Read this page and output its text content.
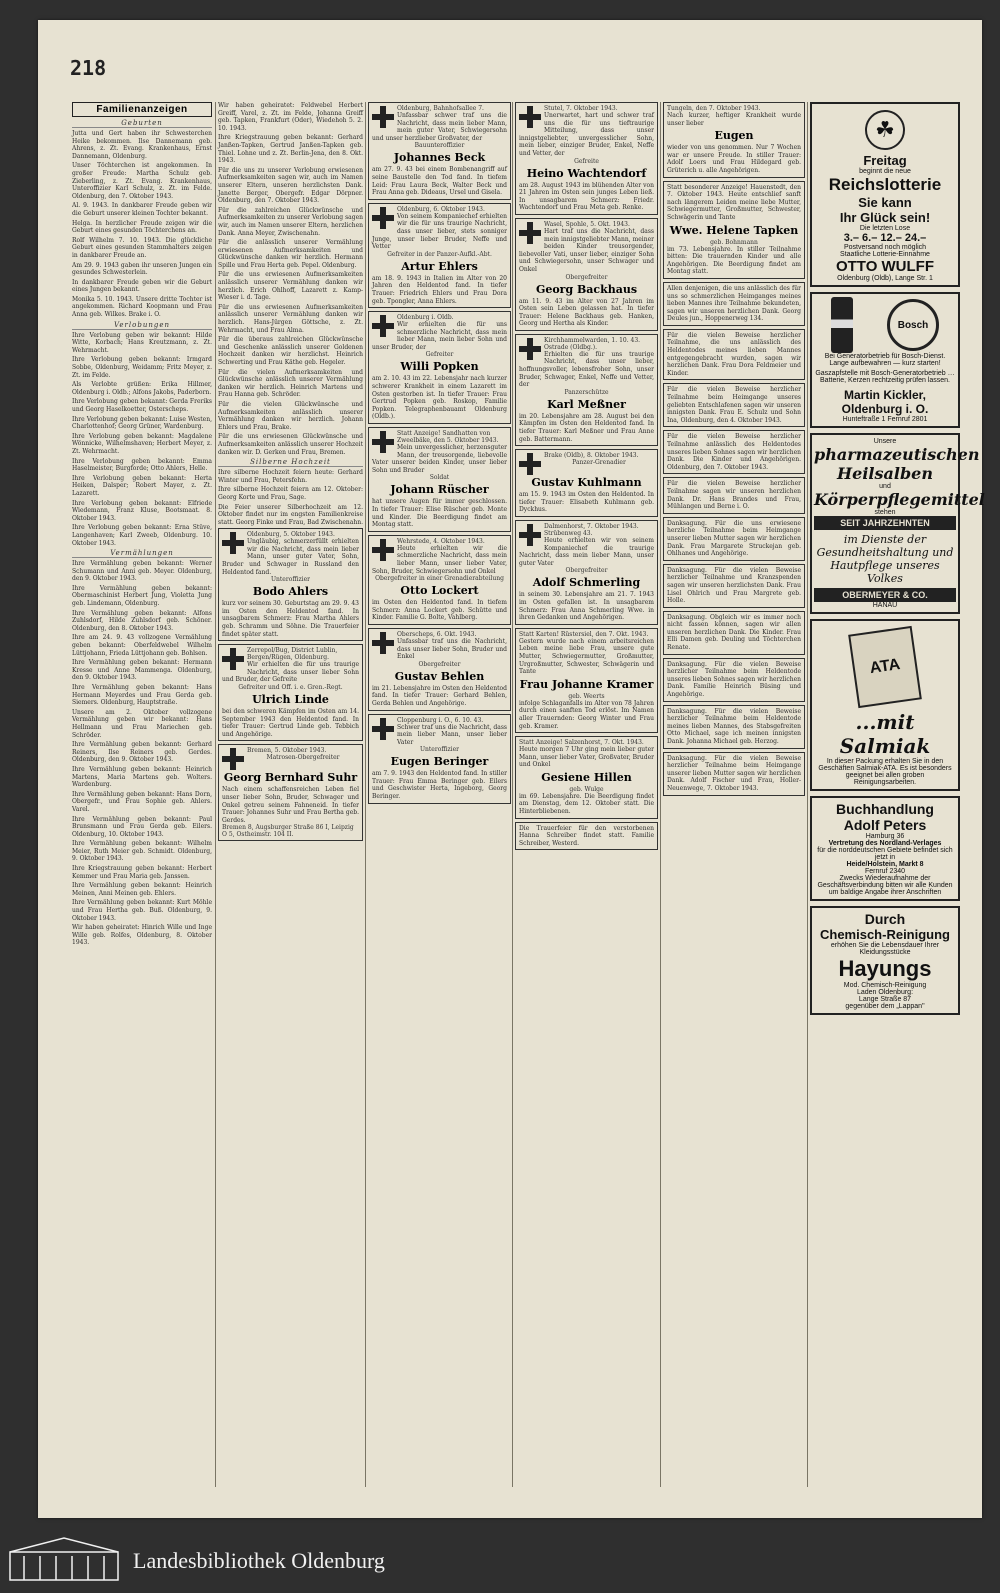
218
Familienanzeigen
Geburten
Jutta und Gert haben ihr Schwesterchen Heike bekommen. Ilse Dannemann geb. Ahrens, z. Zt. Evang. Krankenhaus, Ernst Dannemann, Oldenburg.
Unser Töchterchen ist angekommen. In großer Freude: Martha Schulz geb. Zieberling, z. Zt. Evang. Krankenhaus, Unteroffizier Karl Schulz, z. Zt. im Felde. Oldenburg, den 7. Oktober 1943.
Al. 9. 1943. In dankbarer Freude geben wir die Geburt unserer kleinen Tochter bekannt.
Helga. In herzlicher Freude zeigen wir die Geburt eines gesunden Töchterchens an.
Rolf Wilhelm 7. 10. 1943. Die glückliche Geburt eines gesunden Stammhalters zeigen in dankbarer Freude an.
Am 29. 9. 1943 gaben ihr unseren Jungen ein gesundes Schwesterlein.
In dankbarer Freude geben wir die Geburt eines Jungen bekannt.
Monika 5. 10. 1943. Unsere dritte Tochter ist angekommen. Richard Koopmann und Frau Anna geb. Wilkes. Brake i. O.
Verlobungen
Ihre Verlobung geben wir bekannt: Hilde Witte, Korbach; Hans Kreutzmann, z. Zt. Wehrmacht.
Ihre Verlobung geben bekannt: Irmgard Sobbe, Oldenburg, Weidamm; Fritz Meyer, z. Zt. im Felde.
Als Verlobte grüßen: Erika Hillmer, Oldenburg i. Oldb.; Alfons Jakobs, Paderborn.
Ihre Verlobung geben bekannt: Gerda Freriks und Georg Haselkoetter, Osterscheps.
Ihre Verlobung geben bekannt: Luise Westen, Charlottenhof; Georg Grüner, Wardenburg.
Ihre Verlobung geben bekannt: Magdalene Wönnicke, Wilhelmshaven; Herbert Meyer, z. Zt. Wehrmacht.
Ihre Verlobung geben bekannt: Emma Haselmeister, Burgforde; Otto Ahlers, Helle.
Ihre Verlobung geben bekannt: Herta Heiken, Dalsper; Robert Mayer, z. Zt. Lazarett.
Ihre Verlobung geben bekannt: Elfriede Wiedemann, Franz Kluse, Bootsmaat. 8. Oktober 1943.
Ihre Verlobung geben bekannt: Erna Stüve, Langenhaven; Karl Zweeb, Oldenburg. 10. Oktober 1943.
Vermählungen
Ihre Vermählung geben bekannt: Werner Schumann und Anni geb. Meyer. Oldenburg, den 9. Oktober 1943.
Ihre Vermählung geben bekannt: Obermaschinist Herbert Jung, Violetta Jung geb. Lindemann, Oldenburg.
Ihre Vermählung geben bekannt: Alfons Zuhlsdorf, Hilde Zuhlsdorf geb. Schöner. Oldenburg, den 8. Oktober 1943.
Ihre am 24. 9. 43 vollzogene Vermählung geben bekannt: Oberfeldwebel Wilhelm Lüttjohann, Frieda Lüttjohann geb. Bohlsen.
Ihre Vermählung geben bekannt: Hermann Kresse und Anne Mammenga. Oldenburg, den 9. Oktober 1943.
Ihre Vermählung geben bekannt: Hans Hermann Meyerdes und Frau Gerda geb. Siemers. Oldenburg, Hauptstraße.
Unsere am 2. Oktober vollzogene Vermählung geben wir bekannt: Hans Hellmann und Frau Mariechen geb. Schröder.
Ihre Vermählung geben bekannt: Gerhard Reiners, Ilse Reiners geb. Gerdes. Oldenburg, den 9. Oktober 1943.
Ihre Vermählung geben bekannt: Heinrich Martens, Maria Martens geb. Wolters. Wardenburg.
Ihre Vermählung geben bekannt: Hans Dorn, Obergefr., und Frau Sophie geb. Ahlers. Varel.
Ihre Vermählung geben bekannt: Paul Brunsmann und Frau Gerda geb. Eilers. Oldenburg, 10. Oktober 1943.
Ihre Vermählung geben bekannt: Wilhelm Meier, Ruth Meier geb. Schmidt. Oldenburg, 9. Oktober 1943.
Ihre Kriegstrauung geben bekannt: Herbert Kemmer und Frau Maria geb. Janssen.
Ihre Vermählung geben bekannt: Heinrich Meinen, Anni Meinen geb. Ehlers.
Ihre Vermählung geben bekannt: Kurt Möhle und Frau Hertha geb. Buß. Oldenburg, 9. Oktober 1943.
Wir haben geheiratet: Hinrich Wille und Inge Wille geb. Rolfes, Oldenburg, 8. Oktober 1943.
Wir haben geheiratet: Feldwebel Herbert Greiff, Varel, z. Zt. im Felde, Johanna Greiff geb. Tapken, Frankfurt (Oder), Wiedehoh 5. 2. 10. 1943.
Ihre Kriegstrauung geben bekannt: Gerhard Janßen-Tapken, Gertrud Janßen-Tapken geb. Thiel. Lohne und z. Zt. Berlin-Jena, den 8. Okt. 1943.
Für die uns zu unserer Verlobung erwiesenen Aufmerksamkeiten sagen wir, auch im Namen unserer Eltern, unseren herzlichsten Dank. Janette Berger, Obergefr. Edgar Dörpner. Oldenburg, den 7. Oktober 1943.
Für die zahlreichen Glückwünsche und Aufmerksamkeiten zu unserer Verlobung sagen wir, auch im Namen unserer Eltern, herzlichen Dank. Anna Meyer, Zwischenahn.
Für die anlässlich unserer Vermählung erwiesenen Aufmerksamkeiten und Glückwünsche danken wir herzlich. Hermann Spille und Frau Herta geb. Pepel. Oldenburg.
Für die uns erwiesenen Aufmerksamkeiten anlässlich unserer Vermählung danken wir herzlich. Erich Ohlhoff, Lazarett z. Kamp-Wieser i. d. Tage.
Für die uns erwiesenen Aufmerksamkeiten anlässlich unserer Vermählung danken wir herzlich. Hans-Jürgen Göttsche, z. Zt. Wehrmacht, und Frau Alma.
Für die überaus zahlreichen Glückwünsche und Geschenke anlässlich unserer Goldenen Hochzeit danken wir herzlichst. Heinrich Schwerting und Frau Käthe geb. Hegeler.
Für die vielen Aufmerksamkeiten und Glückwünsche anlässlich unserer Vermählung danken wir herzlich. Heinrich Martens und Frau Hanna geb. Schröder.
Für die vielen Glückwünsche und Aufmerksamkeiten anlässlich unserer Vermählung danken wir herzlich. Johann Ehlers und Frau, Brake.
Für die uns erwiesenen Glückwünsche und Aufmerksamkeiten anlässlich unserer Hochzeit danken wir. D. Gerken und Frau, Bremen.
Silberne Hochzeit
Ihre silberne Hochzeit feiern heute: Gerhard Winter und Frau, Petersfehn.
Ihre silberne Hochzeit feiern am 12. Oktober: Georg Korte und Frau, Sage.
Die Feier unserer Silberhochzeit am 12. Oktober findet nur im engsten Familienkreise statt. Georg Finke und Frau, Bad Zwischenahn.
Oldenburg, 5. Oktober 1943.
Ungläubig, schmerzerfüllt erhielten wir die Nachricht, dass mein lieber Mann, unser guter Vater, Sohn, Bruder und Schwager in Russland den Heldentod fand.
Unteroffizier
Bodo Ahlers
kurz vor seinem 30. Geburtstag am 29. 9. 43 im Osten den Heldentod fand. In unsagbarem Schmerz: Frau Martha Ahlers geb. Schramm und Söhne. Die Trauerfeier findet später statt.
Zerrepol/Bug, District Lublin, Bergen/Rügen, Oldenburg.
Wir erhielten die für uns traurige Nachricht, dass unser lieber Sohn und Bruder, der Gefreite
Gefreiter und Off. i. e. Gren.-Regt.
Ulrich Linde
bei den schweren Kämpfen im Osten am 14. September 1943 den Heldentod fand. In tiefer Trauer: Gertrud Linde geb. Tebbich und Angehörige.
Bremen, 5. Oktober 1943.
Matrosen-Obergefreiter
Georg Bernhard Suhr
Nach einem schaffensreichen Leben fiel unser lieber Sohn, Bruder, Schwager und Onkel getreu seinem Fahneneid. In tiefer Trauer: Johannes Suhr und Frau Bertha geb. Gerdes.
Bremen 8, Augsburger Straße 86 I, Leipzig O 5, Ostheimstr. 104 II.
Oldenburg, Bahnhofsallee 7.
Unfassbar schwer traf uns die Nachricht, dass mein lieber Mann, mein guter Vater, Schwiegersohn und unser herzlieber Großvater, der
Bauunteroffizier
Johannes Beck
am 27. 9. 43 bei einem Bombenangriff auf seine Baustelle den Tod fand. In tiefem Leid: Frau Laura Beck, Walter Beck und Frau Anna geb. Dideaus, Ursel und Gisela.
Oldenburg, 6. Oktober 1943.
Von seinem Kompaniechef erhielten wir die für uns traurige Nachricht, dass unser lieber, stets sonniger Junge, unser lieber Bruder, Neffe und Vetter
Gefreiter in der Panzer-Aufkl.-Abt.
Artur Ehlers
am 18. 9. 1943 in Italien im Alter von 20 Jahren den Heldentod fand. In tiefer Trauer: Friedrich Ehlers und Frau Dora geb. Tpongler, Anna Ehlers.
Oldenburg i. Oldb.
Wir erhielten die für uns schmerzliche Nachricht, dass mein lieber Mann, mein lieber Sohn und unser Bruder, der
Gefreiter
Willi Popken
am 2. 10. 43 im 22. Lebensjahr nach kurzer schwerer Krankheit in einem Lazarett im Osten gestorben ist. In tiefer Trauer: Frau Gertrud Popken geb. Roskop, Familie Popken. Telegraphenbauamt Oldenburg (Oldb.).
Statt Anzeige! Sandhatten von Zweelbäke, den 5. Oktober 1943.
Mein unvergesslicher, herzensguter Mann, der treusorgende, liebevolle Vater unserer beiden Kinder, unser lieber Sohn und Bruder
Soldat
Johann Rüscher
hat unsere Augen für immer geschlossen. In tiefer Trauer: Elise Rüscher geb. Monte und Kinder. Die Beerdigung findet am Montag statt.
Wehrstede, 4. Oktober 1943.
Heute erhielten wir die schmerzliche Nachricht, dass mein lieber Mann, unser lieber Vater, Sohn, Bruder, Schwiegersohn und Onkel
Obergefreiter in einer Grenadierabteilung
Otto Lockert
im Osten den Heldentod fand. In tiefem Schmerz: Anna Lockert geb. Schütte und Kinder. Familie G. Bolte, Vahlberg.
Oberscheps, 6. Okt. 1943.
Unfassbar traf uns die Nachricht, dass unser lieber Sohn, Bruder und Enkel
Obergefreiter
Gustav Behlen
im 21. Lebensjahre im Osten den Heldentod fand. In tiefer Trauer: Gerhard Behlen, Gerda Behlen und Angehörige.
Cloppenburg i. O., 6. 10. 43.
Schwer traf uns die Nachricht, dass mein lieber Mann, unser lieber Vater
Unteroffizier
Eugen Beringer
am 7. 9. 1943 den Heldentod fand. In stiller Trauer: Frau Emma Beringer geb. Eilers und Geschwister Herta, Ingeborg, Georg Beringer.
Stutel, 7. Oktober 1943.
Unerwartet, hart und schwer traf uns die für uns tieftraurige Mitteilung, dass unser innigstgeliebter, unvergesslicher Sohn, mein lieber, einziger Bruder, Enkel, Neffe und Vetter, der
Gefreite
Heino Wachtendorf
am 28. August 1943 im blühenden Alter von 21 Jahren im Osten sein junges Leben ließ. In unsagbarem Schmerz: Friedr. Wachtendorf und Frau Meta geb. Renke.
Wasel, Spohle, 5. Okt. 1943.
Hart traf uns die Nachricht, dass mein innigstgeliebter Mann, meiner beiden Kinder treusorgender, liebevoller Vati, unser lieber, einziger Sohn und Schwiegersohn, unser Schwager und Onkel
Obergefreiter
Georg Backhaus
am 11. 9. 43 im Alter von 27 Jahren im Osten sein Leben gelassen hat. In tiefer Trauer: Helene Backhaus geb. Hanken, Georg und Hertha als Kinder.
Kirchhammelwarden, 1. 10. 43. Ostrade (Oldbg.).
Erhielten die für uns traurige Nachricht, dass unser lieber, hoffnungsvoller, lebensfroher Sohn, unser Bruder, Schwager, Enkel, Neffe und Vetter, der
Panzerschütze
Karl Meßner
im 20. Lebensjahre am 28. August bei den Kämpfen im Osten den Heldentod fand. In tiefer Trauer: Karl Meßner und Frau Anne geb. Battermann.
Brake (Oldb), 8. Oktober 1943.
Panzer-Grenadier
Gustav Kuhlmann
am 15. 9. 1943 im Osten den Heldentod. In tiefer Trauer: Elisabeth Kuhlmann geb. Dyckhus.
Dalmenhorst, 7. Oktober 1943. Strübenweg 43.
Heute erhielten wir von seinem Kompaniechef die traurige Nachricht, dass mein lieber Mann, unser guter Vater
Obergefreiter
Adolf Schmerling
in seinem 30. Lebensjahre am 21. 7. 1943 im Osten gefallen ist. In unsagbarem Schmerz: Frau Anna Schmerling Wwe. in ihren Gedanken und Angehörigen.
Statt Karten! Rüstersiel, den 7. Okt. 1943.
Gestern wurde nach einem arbeitsreichen Leben meine liebe Frau, unsere gute Mutter, Schwiegermutter, Großmutter, Urgroßmutter, Schwester, Schwägerin und Tante
Frau Johanne Kramer
geb. Weerts
infolge Schlaganfalls im Alter von 78 Jahren durch einen sanften Tod erlöst. Im Namen aller Trauernden: Georg Winter und Frau geb. Kramer.
Statt Anzeige! Salzenhorst, 7. Okt. 1943.
Heute morgen 7 Uhr ging mein lieber guter Mann, unser lieber Vater, Großvater, Bruder und Onkel
Gesiene Hillen
geb. Wulge
im 69. Lebensjahre. Die Beerdigung findet am Dienstag, dem 12. Oktober statt. Die Hinterbliebenen.
Die Trauerfeier für den verstorbenen Hanna Schreiber findet statt. Familie Schreiber, Westerd.
Tungeln, den 7. Oktober 1943.
Nach kurzer, heftiger Krankheit wurde unser lieber
Eugen
wieder von uns genommen. Nur 7 Wochen war er unsere Freude. In stiller Trauer: Adolf Loers und Frau Hildegard geb. Grüterich u. alle Angehörigen.
Statt besonderer Anzeige! Hauenstedt, den 7. Oktober 1943. Heute entschlief sanft nach längerem Leiden meine liebe Mutter, Schwiegermutter, Großmutter, Schwester, Schwägerin und Tante
Wwe. Helene Tapken
geb. Bohnmann
im 73. Lebensjahre. In stiller Teilnahme bitten: Die trauernden Kinder und alle Angehörigen. Die Beerdigung findet am Montag statt.
Allen denjenigen, die uns anlässlich des für uns so schmerzlichen Heimganges meines lieben Mannes ihre Teilnahme bekundeten, sagen wir unseren herzlichen Dank. Georg Deules jun., Hoppenerweg 134.
Für die vielen Beweise herzlicher Teilnahme, die uns anlässlich des Heldentodes meines lieben Mannes entgegengebracht wurden, sagen wir herzlichen Dank. Frau Dora Feldmeier und Kinder.
Für die vielen Beweise herzlicher Teilnahme beim Heimgange unseres geliebten Entschlafenen sagen wir unseren innigsten Dank. Frau E. Schulz und Sohn Ina, Oldenburg, den 4. Oktober 1943.
Für die vielen Beweise herzlicher Teilnahme anlässlich des Heldentodes unseres lieben Sohnes sagen wir herzlichen Dank. Die Kinder und Angehörigen. Oldenburg, den 7. Oktober 1943.
Für die vielen Beweise herzlicher Teilnahme sagen wir unseren herzlichen Dank. Dr. Hans Brandes und Frau, Mühlangen und Berne i. O.
Danksagung. Für die uns erwiesene herzliche Teilnahme beim Heimgange unserer lieben Mutter sagen wir herzlichen Dank. Frau Margarete Struckejan geb. Ohlhanes und Angehörige.
Danksagung. Für die vielen Beweise herzlicher Teilnahme und Kranzspenden sagen wir unseren herzlichsten Dank. Frau Lisel Ohlrich und Frau Margrete geb. Holle.
Danksagung. Obgleich wir es immer noch nicht fassen können, sagen wir allen unseren herzlichen Dank. Die Kinder. Frau Elli Damen geb. Deuling und Töchterchen Renate.
Danksagung. Für die vielen Beweise herzlicher Teilnahme beim Heldentode unseres lieben Sohnes sagen wir herzlichen Dank. Familie Heinrich Büsing und Angehörige.
Danksagung. Für die vielen Beweise herzlicher Teilnahme beim Heldentode meines lieben Mannes, des Stabsgefreiten Otto Michael, sage ich meinen innigsten Dank. Johanna Michael geb. Herzog.
Danksagung. Für die vielen Beweise herzlicher Teilnahme beim Heimgange unserer lieben Mutter sagen wir herzlichen Dank. Adolf Fischer und Frau, Holler-Neuenwege, 7. Oktober 1943.
☘
Freitag
beginnt die neue
Reichslotterie
Sie kann
Ihr Glück sein!
Die letzten Lose
3.– 6.– 12.– 24.–
Postversand noch möglich
Staatliche Lotterie-Einnahme
OTTO WULFF
Oldenburg (Oldb), Lange Str. 1
Bosch
Bei Generatorbetrieb für Bosch-Dienst. Lange aufbewahren — kurz starten!
Gaszapfstelle mit Bosch-Generatorbetrieb … Batterie, Kerzen rechtzeitig prüfen lassen.
Martin Kickler, Oldenburg i. O.
Hunteftraße 1 Fernruf 2801
Unsere
pharmazeutischen Heilsalben
und
Körperpflegemittel
stehen
SEIT JAHRZEHNTEN
im Dienste der Gesundheitshaltung und Hautpflege unseres Volkes
OBERMEYER & CO.
HANAU
ATA
...mit Salmiak
In dieser Packung erhalten Sie in den Geschäften Salmiak-ATA. Es ist besonders geeignet bei allen groben Reinigungsarbeiten.
Buchhandlung
Adolf Peters
Hamburg 36
Vertretung des Nordland-Verlages
für die norddeutschen Gebiete befindet sich jetzt in
Heide/Holstein, Markt 8
Fernruf 2340
Zwecks Wiederaufnahme der Geschäftsverbindung bitten wir alle Kunden um baldige Angabe ihrer Anschriften
Durch
Chemisch-Reinigung
erhöhen Sie die Lebensdauer Ihrer Kleidungsstücke
Hayungs
Mod. Chemisch-Reinigung
Laden Oldenburg:
Lange Straße 87
gegenüber dem „Lappan"
Landesbibliothek Oldenburg
